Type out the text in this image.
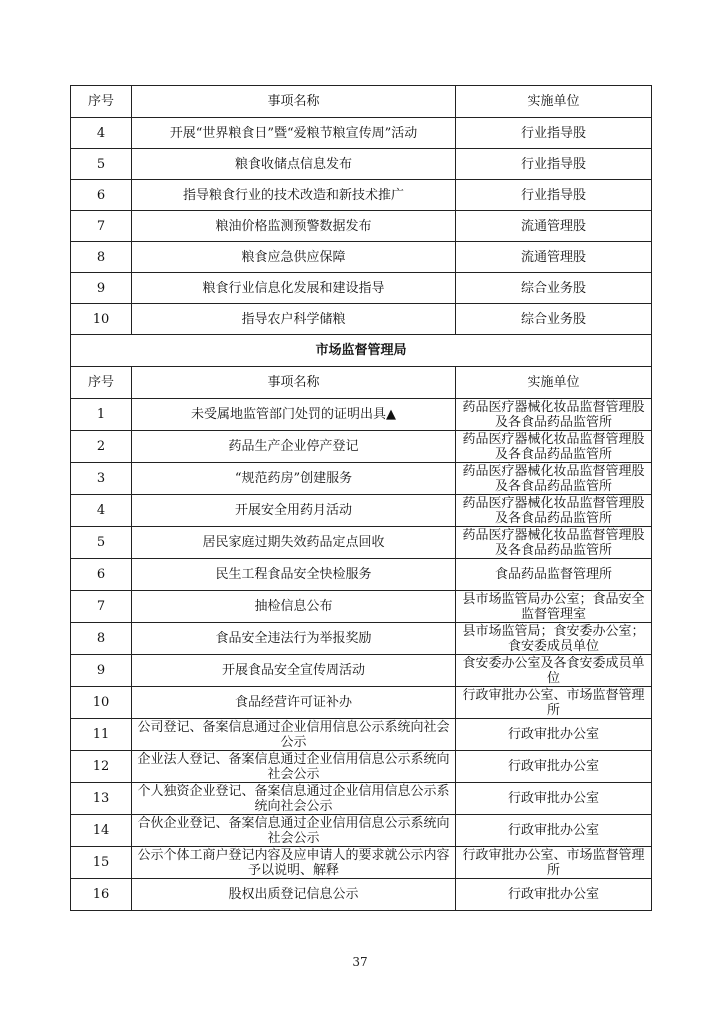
序号	事项名称	实施单位
4	开展“世界粮食日”暨“爱粮节粮宣传周”活动	行业指导股
5	粮食收储点信息发布	行业指导股
6	指导粮食行业的技术改造和新技术推广	行业指导股
7	粮油价格监测预警数据发布	流通管理股
8	粮食应急供应保障	流通管理股
9	粮食行业信息化发展和建设指导	综合业务股
10	指导农户科学储粮	综合业务股
市场监督管理局		
序号	事项名称	实施单位
1	未受属地监管部门处罚的证明出具▲	药品医疗器械化妆品监督管理股及各食品药品监管所
2	药品生产企业停产登记	药品医疗器械化妆品监督管理股及各食品药品监管所
3	“规范药房”创建服务	药品医疗器械化妆品监督管理股及各食品药品监管所
4	开展安全用药月活动	药品医疗器械化妆品监督管理股及各食品药品监管所
5	居民家庭过期失效药品定点回收	药品医疗器械化妆品监督管理股及各食品药品监管所
6	民生工程食品安全快检服务	食品药品监督管理所
7	抽检信息公布	县市场监管局办公室；食品安全监督管理室
8	食品安全违法行为举报奖励	县市场监管局；食安委办公室；食安委成员单位
9	开展食品安全宣传周活动	食安委办公室及各食安委成员单位
10	食品经营许可证补办	行政审批办公室、市场监督管理所
11	公司登记、备案信息通过企业信用信息公示系统向社会公示	行政审批办公室
12	企业法人登记、备案信息通过企业信用信息公示系统向社会公示	行政审批办公室
13	个人独资企业登记、备案信息通过企业信用信息公示系统向社会公示	行政审批办公室
14	合伙企业登记、备案信息通过企业信用信息公示系统向社会公示	行政审批办公室
15	公示个体工商户登记内容及应申请人的要求就公示内容予以说明、解释	行政审批办公室、市场监督管理所
16	股权出质登记信息公示	行政审批办公室
37
